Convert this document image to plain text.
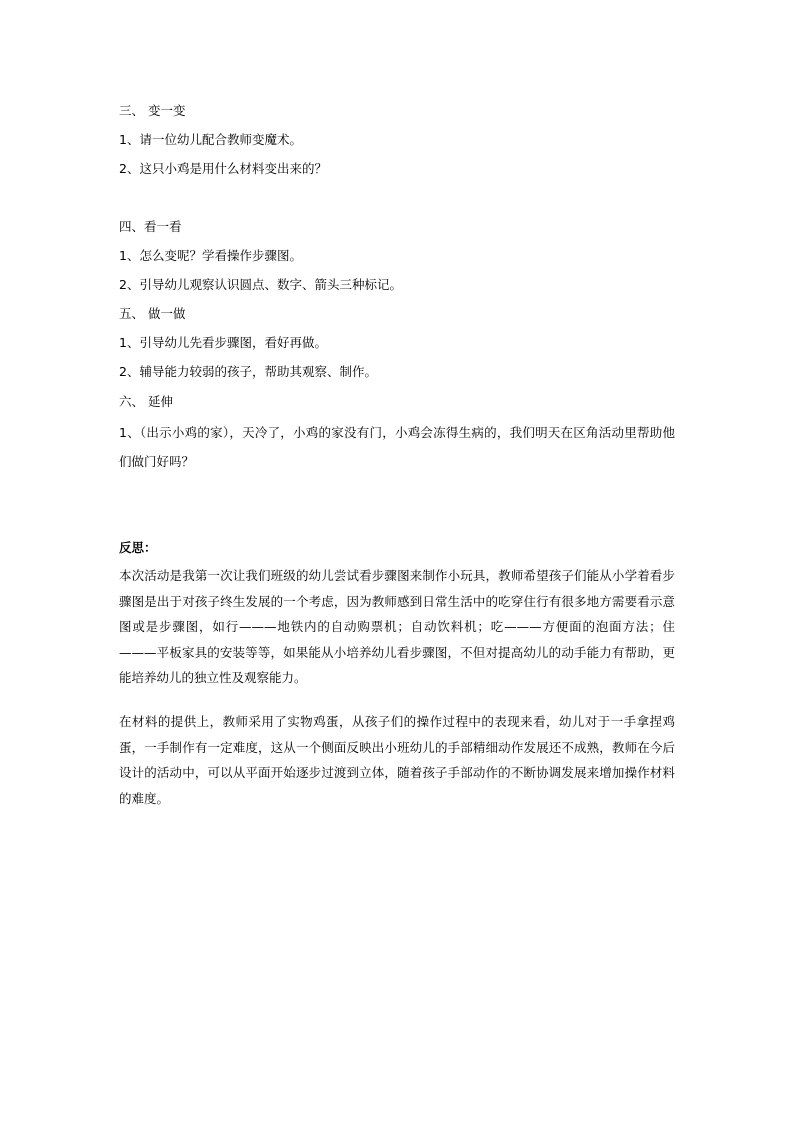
三、 变一变

1、请一位幼儿配合教师变魔术。

2、这只小鸡是用什么材料变出来的？

四、看一看

1、怎么变呢？学看操作步骤图。

2、引导幼儿观察认识圆点、数字、箭头三种标记。

五、 做一做

1、引导幼儿先看步骤图，看好再做。

2、辅导能力较弱的孩子，帮助其观察、制作。

六、 延伸

1、（出示小鸡的家），天冷了，小鸡的家没有门，小鸡会冻得生病的，我们明天在区角活动里帮助他们做门好吗？

反思：

本次活动是我第一次让我们班级的幼儿尝试看步骤图来制作小玩具，教师希望孩子们能从小学着看步骤图是出于对孩子终生发展的一个考虑，因为教师感到日常生活中的吃穿住行有很多地方需要看示意图或是步骤图，如行———地铁内的自动购票机；自动饮料机；吃———方便面的泡面方法；住———平板家具的安装等等，如果能从小培养幼儿看步骤图，不但对提高幼儿的动手能力有帮助，更能培养幼儿的独立性及观察能力。

在材料的提供上，教师采用了实物鸡蛋，从孩子们的操作过程中的表现来看，幼儿对于一手拿捏鸡蛋，一手制作有一定难度，这从一个侧面反映出小班幼儿的手部精细动作发展还不成熟，教师在今后设计的活动中，可以从平面开始逐步过渡到立体，随着孩子手部动作的不断协调发展来增加操作材料的难度。
